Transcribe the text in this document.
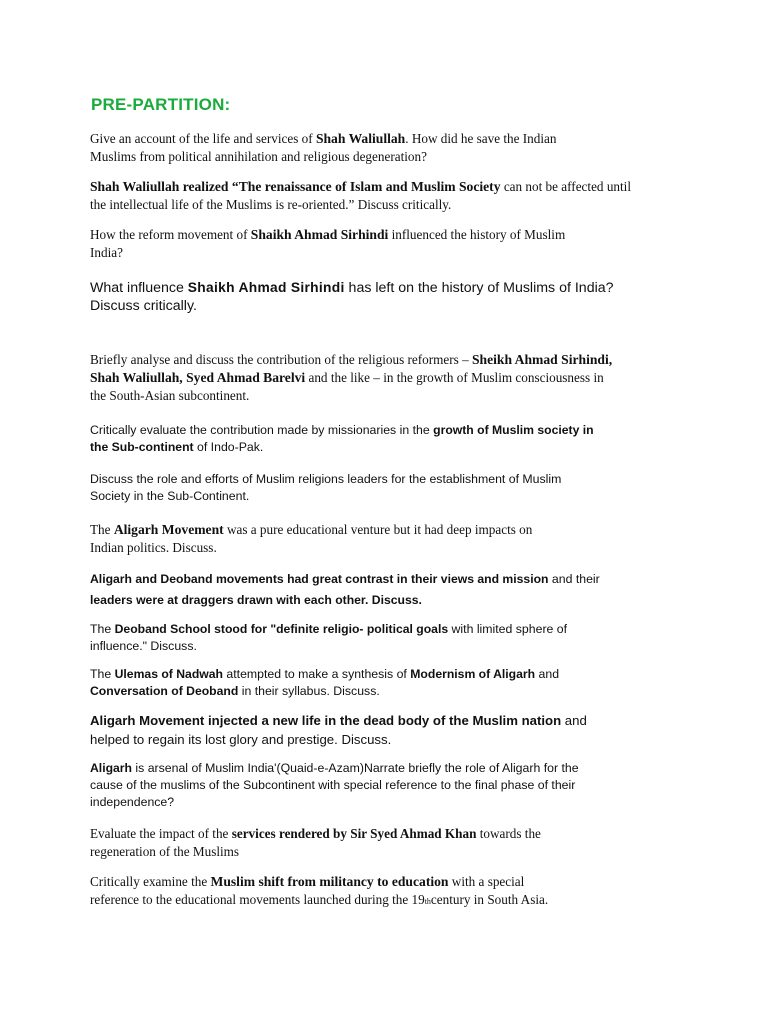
PRE-PARTITION:
Give an account of the life and services of Shah Waliullah. How did he save the Indian
Muslims from political annihilation and religious degeneration?
Shah Waliullah realized “The renaissance of Islam and Muslim Society can not be affected until
the intellectual life of the Muslims is re-oriented.” Discuss critically.
How the reform movement of Shaikh Ahmad Sirhindi influenced the history of Muslim
India?
What influence Shaikh Ahmad Sirhindi has left on the history of Muslims of India?
Discuss critically.
Briefly analyse and discuss the contribution of the religious reformers – Sheikh Ahmad Sirhindi,
Shah Waliullah, Syed Ahmad Barelvi and the like – in the growth of Muslim consciousness in
the South-Asian subcontinent.
Critically evaluate the contribution made by missionaries in the growth of Muslim society in
the Sub-continent of Indo-Pak.
Discuss the role and efforts of Muslim religions leaders for the establishment of Muslim
Society in the Sub-Continent.
The Aligarh Movement was a pure educational venture but it had deep impacts on
Indian politics. Discuss.
Aligarh and Deoband movements had great contrast in their views and mission and their
leaders were at draggers drawn with each other. Discuss.
The Deoband School stood for "definite religio- political goals with limited sphere of
influence." Discuss.
The Ulemas of Nadwah attempted to make a synthesis of Modernism of Aligarh and
Conversation of Deoband in their syllabus. Discuss.
Aligarh Movement injected a new life in the dead body of the Muslim nation and
helped to regain its lost glory and prestige. Discuss.
Aligarh is arsenal of Muslim India'(Quaid-e-Azam)Narrate briefly the role of Aligarh for the
cause of the muslims of the Subcontinent with special reference to the final phase of their
independence?
Evaluate the impact of the services rendered by Sir Syed Ahmad Khan towards the
regeneration of the Muslims
Critically examine the Muslim shift from militancy to education with a special
reference to the educational movements launched during the 19thcentury in South Asia.
